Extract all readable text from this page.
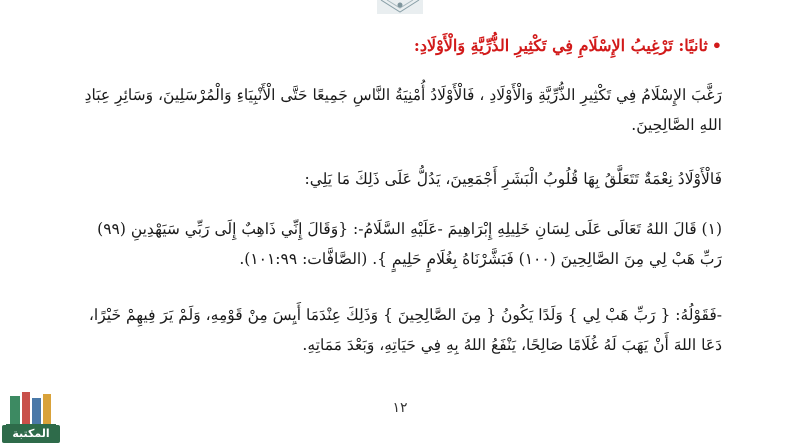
•ثانيًا: تَرْغِيبُ الإِسْلَامِ فِي تَكْثِيرِ الذُّرِّيَّةِ وَالْأَوْلَادِ:
رَغَّبَ الإِسْلَامُ فِي تَكْثِيرِ الذُّرِّيَّةِ وَالْأَوْلَادِ ، فَالْأَوْلَادُ أُمْنِيَةُ النَّاسِ جَمِيعًا حَتَّى الْأَنْبِيَاءِ وَالْمُرْسَلِينَ، وَسَائِرِ عِبَادِ اللهِ الصَّالِحِينَ.
فَالْأَوْلَادُ نِعْمَةٌ تَتَعَلَّقُ بِهَا قُلُوبُ الْبَشَرِ أَجْمَعِينَ، يَدُلُّ عَلَى ذَلِكَ مَا يَلِي:
(١) قَالَ اللهُ تَعَالَى عَلَى لِسَانِ خَلِيلِهِ إِبْرَاهِيمَ -عَلَيْهِ السَّلَامُ-: {وَقَالَ إِنِّي ذَاهِبٌ إِلَى رَبِّي سَيَهْدِينِ (٩٩) رَبِّ هَبْ لِي مِنَ الصَّالِحِينَ (١٠٠) فَبَشَّرْنَاهُ بِغُلَامٍ حَلِيمٍ }. (الصَّافَّات: ١٠١:٩٩).
-فَقَوْلُهُ: { رَبِّ هَبْ لِي } وَلَدًا يَكُونُ { مِنَ الصَّالِحِينَ } وَذَلِكَ عِنْدَمَا أَيِسَ مِنْ قَوْمِهِ، وَلَمْ يَرَ فِيهِمْ خَيْرًا، دَعَا اللهَ أَنْ يَهَبَ لَهُ غُلَامًا صَالِحًا، يَنْفَعُ اللهُ بِهِ فِي حَيَاتِهِ، وَبَعْدَ مَمَاتِهِ.
١٢
المكتبة
